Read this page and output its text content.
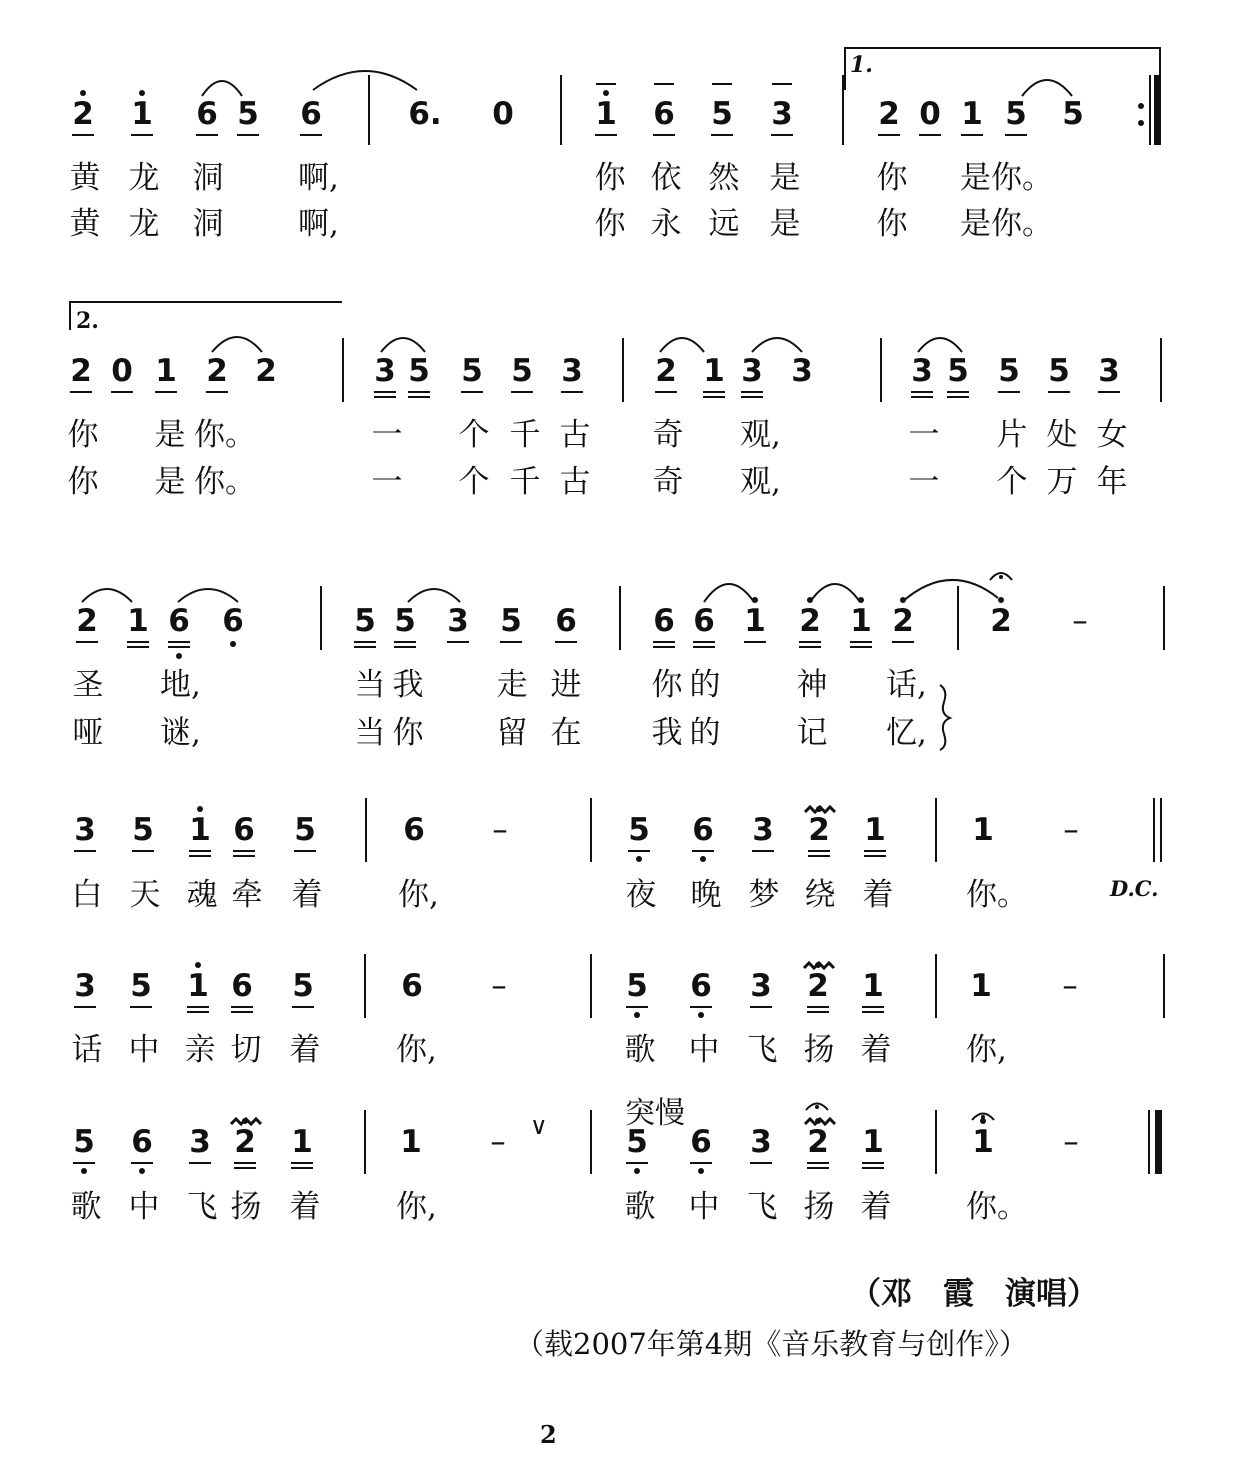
1.
2 1 6 5 6	6. 0	1 6 5 3	2 0 1 5 5
黄 龙 洞 啊,	你 依 然 是 你 是你。
黄 龙 洞 啊,	你 永 远 是 你 是你。
2.
2 0 1 2 2	3 5 5 5 3 2 1 3 3	3 5 5 5 3
你 是 你。	一 个 千 古 奇 观,	一 片 处 女
你 是 你。	一 个 千 古 奇 观,	一 个 万 年
2 1 6 6	5 5 3 5 6 6 6 1 2 1 2 2 –
圣 地,	当 我 走 进 你 的 神 话,
哑 谜,	当 你 留 在 我 的 记 忆,
3 5 1 6 5	6 –	5 6 3 2 1	1 –
白 天 魂 牵 着 你,	夜 晚 梦 绕 着 你。	D.C.
3 5 1 6 5	6 –	5 6 3 2 1	1 –
话 中 亲 切 着 你,	歌 中 飞 扬 着 你,
∨	突慢
5 6 3 2 1	1 –	5 6 3 2 1	1 –
歌 中 飞 扬 着 你,	歌 中 飞 扬 着 你。
（邓　霞　演唱）
（载2007年第4期《音乐教育与创作》）
2
